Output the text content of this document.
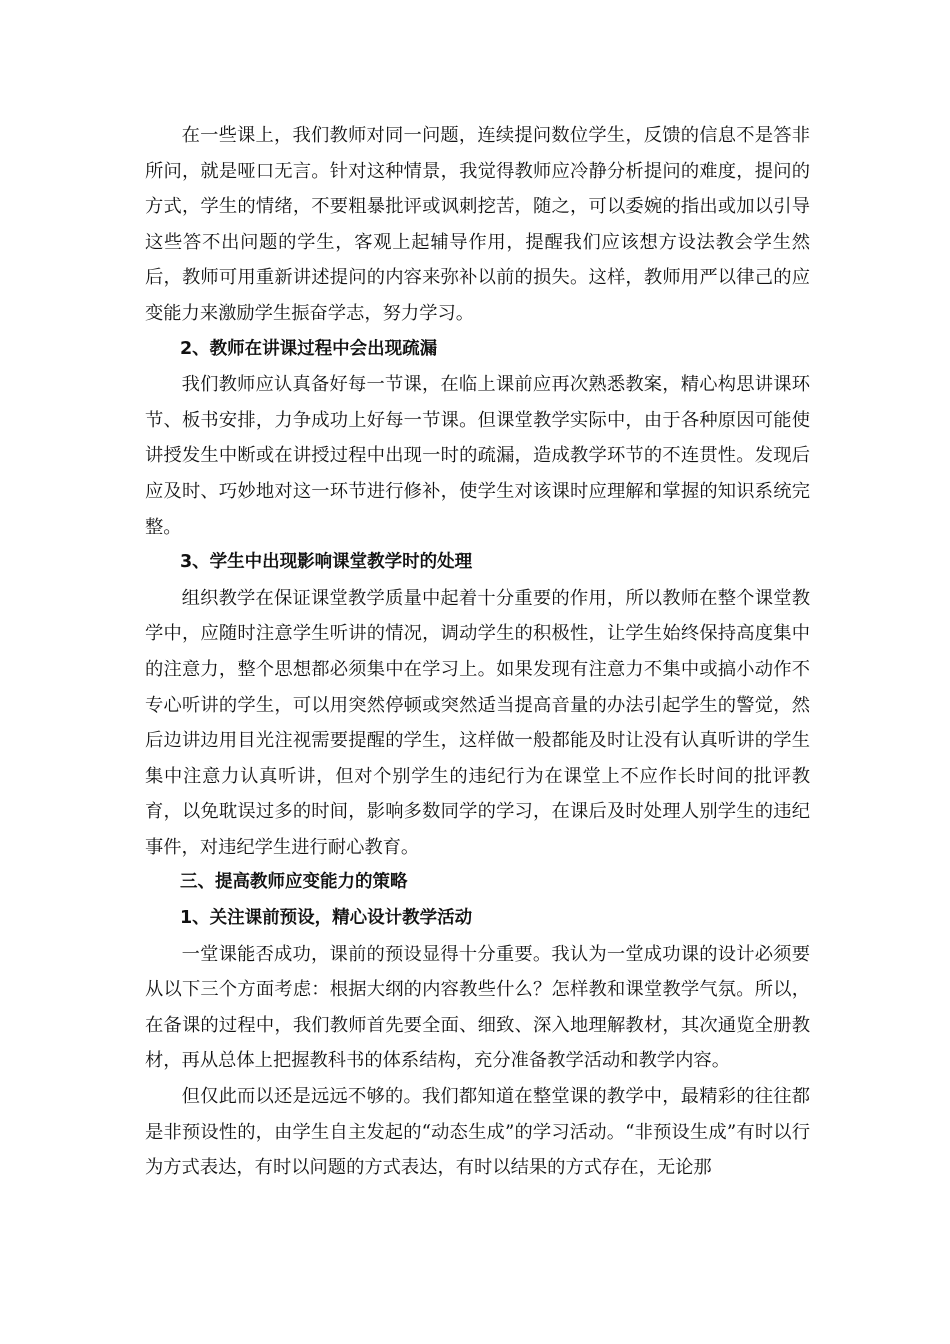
在一些课上，我们教师对同一问题，连续提问数位学生，反馈的信息不是答非所问，就是哑口无言。针对这种情景，我觉得教师应冷静分析提问的难度，提问的方式，学生的情绪，不要粗暴批评或讽刺挖苦，随之，可以委婉的指出或加以引导这些答不出问题的学生，客观上起辅导作用，提醒我们应该想方设法教会学生然后，教师可用重新讲述提问的内容来弥补以前的损失。这样，教师用严以律己的应变能力来激励学生振奋学志，努力学习。

2、教师在讲课过程中会出现疏漏

我们教师应认真备好每一节课，在临上课前应再次熟悉教案，精心构思讲课环节、板书安排，力争成功上好每一节课。但课堂教学实际中，由于各种原因可能使讲授发生中断或在讲授过程中出现一时的疏漏，造成教学环节的不连贯性。发现后应及时、巧妙地对这一环节进行修补，使学生对该课时应理解和掌握的知识系统完整。

3、学生中出现影响课堂教学时的处理

组织教学在保证课堂教学质量中起着十分重要的作用，所以教师在整个课堂教学中，应随时注意学生听讲的情况，调动学生的积极性，让学生始终保持高度集中的注意力，整个思想都必须集中在学习上。如果发现有注意力不集中或搞小动作不专心听讲的学生，可以用突然停顿或突然适当提高音量的办法引起学生的警觉，然后边讲边用目光注视需要提醒的学生，这样做一般都能及时让没有认真听讲的学生集中注意力认真听讲，但对个别学生的违纪行为在课堂上不应作长时间的批评教育，以免耽误过多的时间，影响多数同学的学习，在课后及时处理人别学生的违纪事件，对违纪学生进行耐心教育。

三、提高教师应变能力的策略

1、关注课前预设，精心设计教学活动

一堂课能否成功，课前的预设显得十分重要。我认为一堂成功课的设计必须要从以下三个方面考虑：根据大纲的内容教些什么？怎样教和课堂教学气氛。所以，在备课的过程中，我们教师首先要全面、细致、深入地理解教材，其次通览全册教材，再从总体上把握教科书的体系结构，充分准备教学活动和教学内容。

但仅此而以还是远远不够的。我们都知道在整堂课的教学中，最精彩的往往都是非预设性的，由学生自主发起的“动态生成”的学习活动。“非预设生成”有时以行为方式表达，有时以问题的方式表达，有时以结果的方式存在，无论那
